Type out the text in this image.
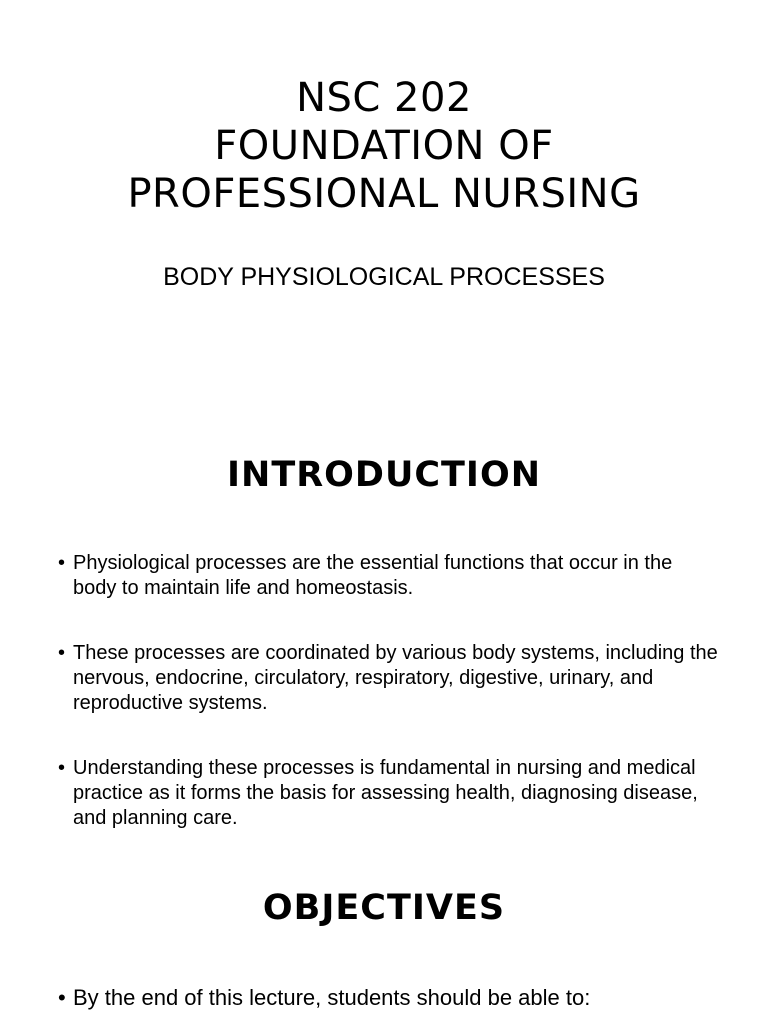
NSC 202
FOUNDATION OF
PROFESSIONAL NURSING
BODY PHYSIOLOGICAL PROCESSES
INTRODUCTION
• Physiological processes are the essential functions that occur in the body to maintain life and homeostasis.
• These processes are coordinated by various body systems, including the nervous, endocrine, circulatory, respiratory, digestive, urinary, and reproductive systems.
• Understanding these processes is fundamental in nursing and medical practice as it forms the basis for assessing health, diagnosing disease, and planning care.
OBJECTIVES
• By the end of this lecture, students should be able to:
